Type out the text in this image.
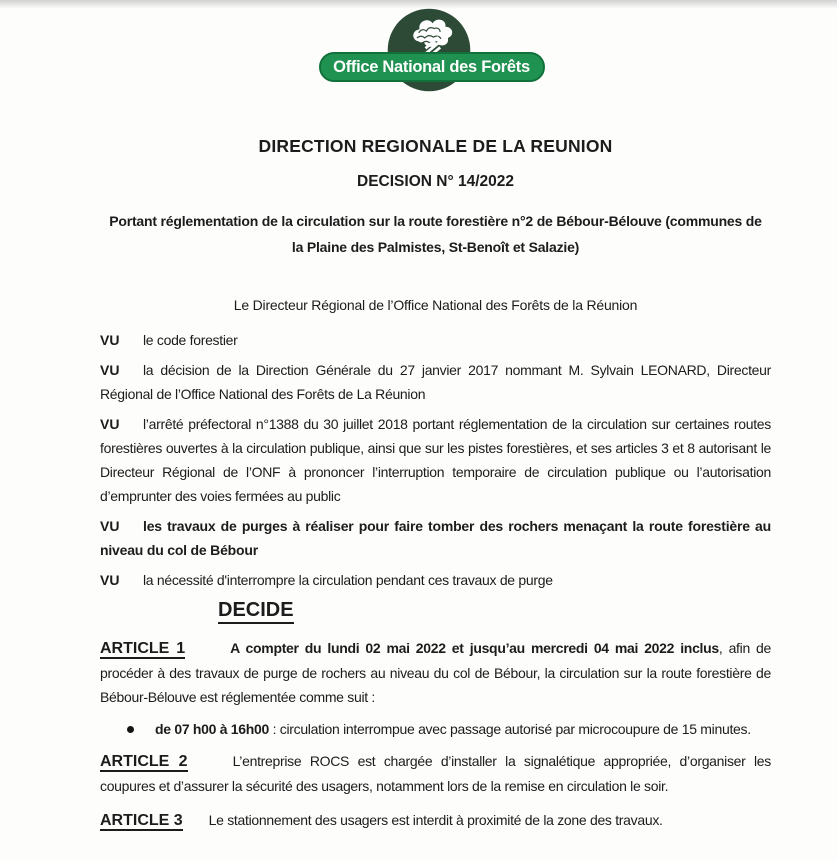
Office National des Forêts
DIRECTION REGIONALE DE LA REUNION
DECISION N° 14/2022
Portant réglementation de la circulation sur la route forestière n°2 de Bébour-Bélouve (communes de la Plaine des Palmistes, St-Benoît et Salazie)
Le Directeur Régional de l’Office National des Forêts de la Réunion

VU le code forestier

VU la décision de la Direction Générale du 27 janvier 2017 nommant M. Sylvain LEONARD, Directeur Régional de l’Office National des Forêts de La Réunion

VU l’arrêté préfectoral n°1388 du 30 juillet 2018 portant réglementation de la circulation sur certaines routes forestières ouvertes à la circulation publique, ainsi que sur les pistes forestières, et ses articles 3 et 8 autorisant le Directeur Régional de l’ONF à prononcer l’interruption temporaire de circulation publique ou l’autorisation d’emprunter des voies fermées au public

VU les travaux de purges à réaliser pour faire tomber des rochers menaçant la route forestière au niveau du col de Bébour

VU la nécessité d'interrompre la circulation pendant ces travaux de purge

DECIDE

ARTICLE 1	A compter du lundi 02 mai 2022 et jusqu’au mercredi 04 mai 2022 inclus, afin de procéder à des travaux de purge de rochers au niveau du col de Bébour, la circulation sur la route forestière de Bébour-Bélouve est réglementée comme suit :

de 07 h00 à 16h00 : circulation interrompue avec passage autorisé par microcoupure de 15 minutes.

ARTICLE 2	L’entreprise ROCS est chargée d’installer la signalétique appropriée, d’organiser les coupures et d’assurer la sécurité des usagers, notamment lors de la remise en circulation le soir.

ARTICLE 3 Le stationnement des usagers est interdit à proximité de la zone des travaux.
